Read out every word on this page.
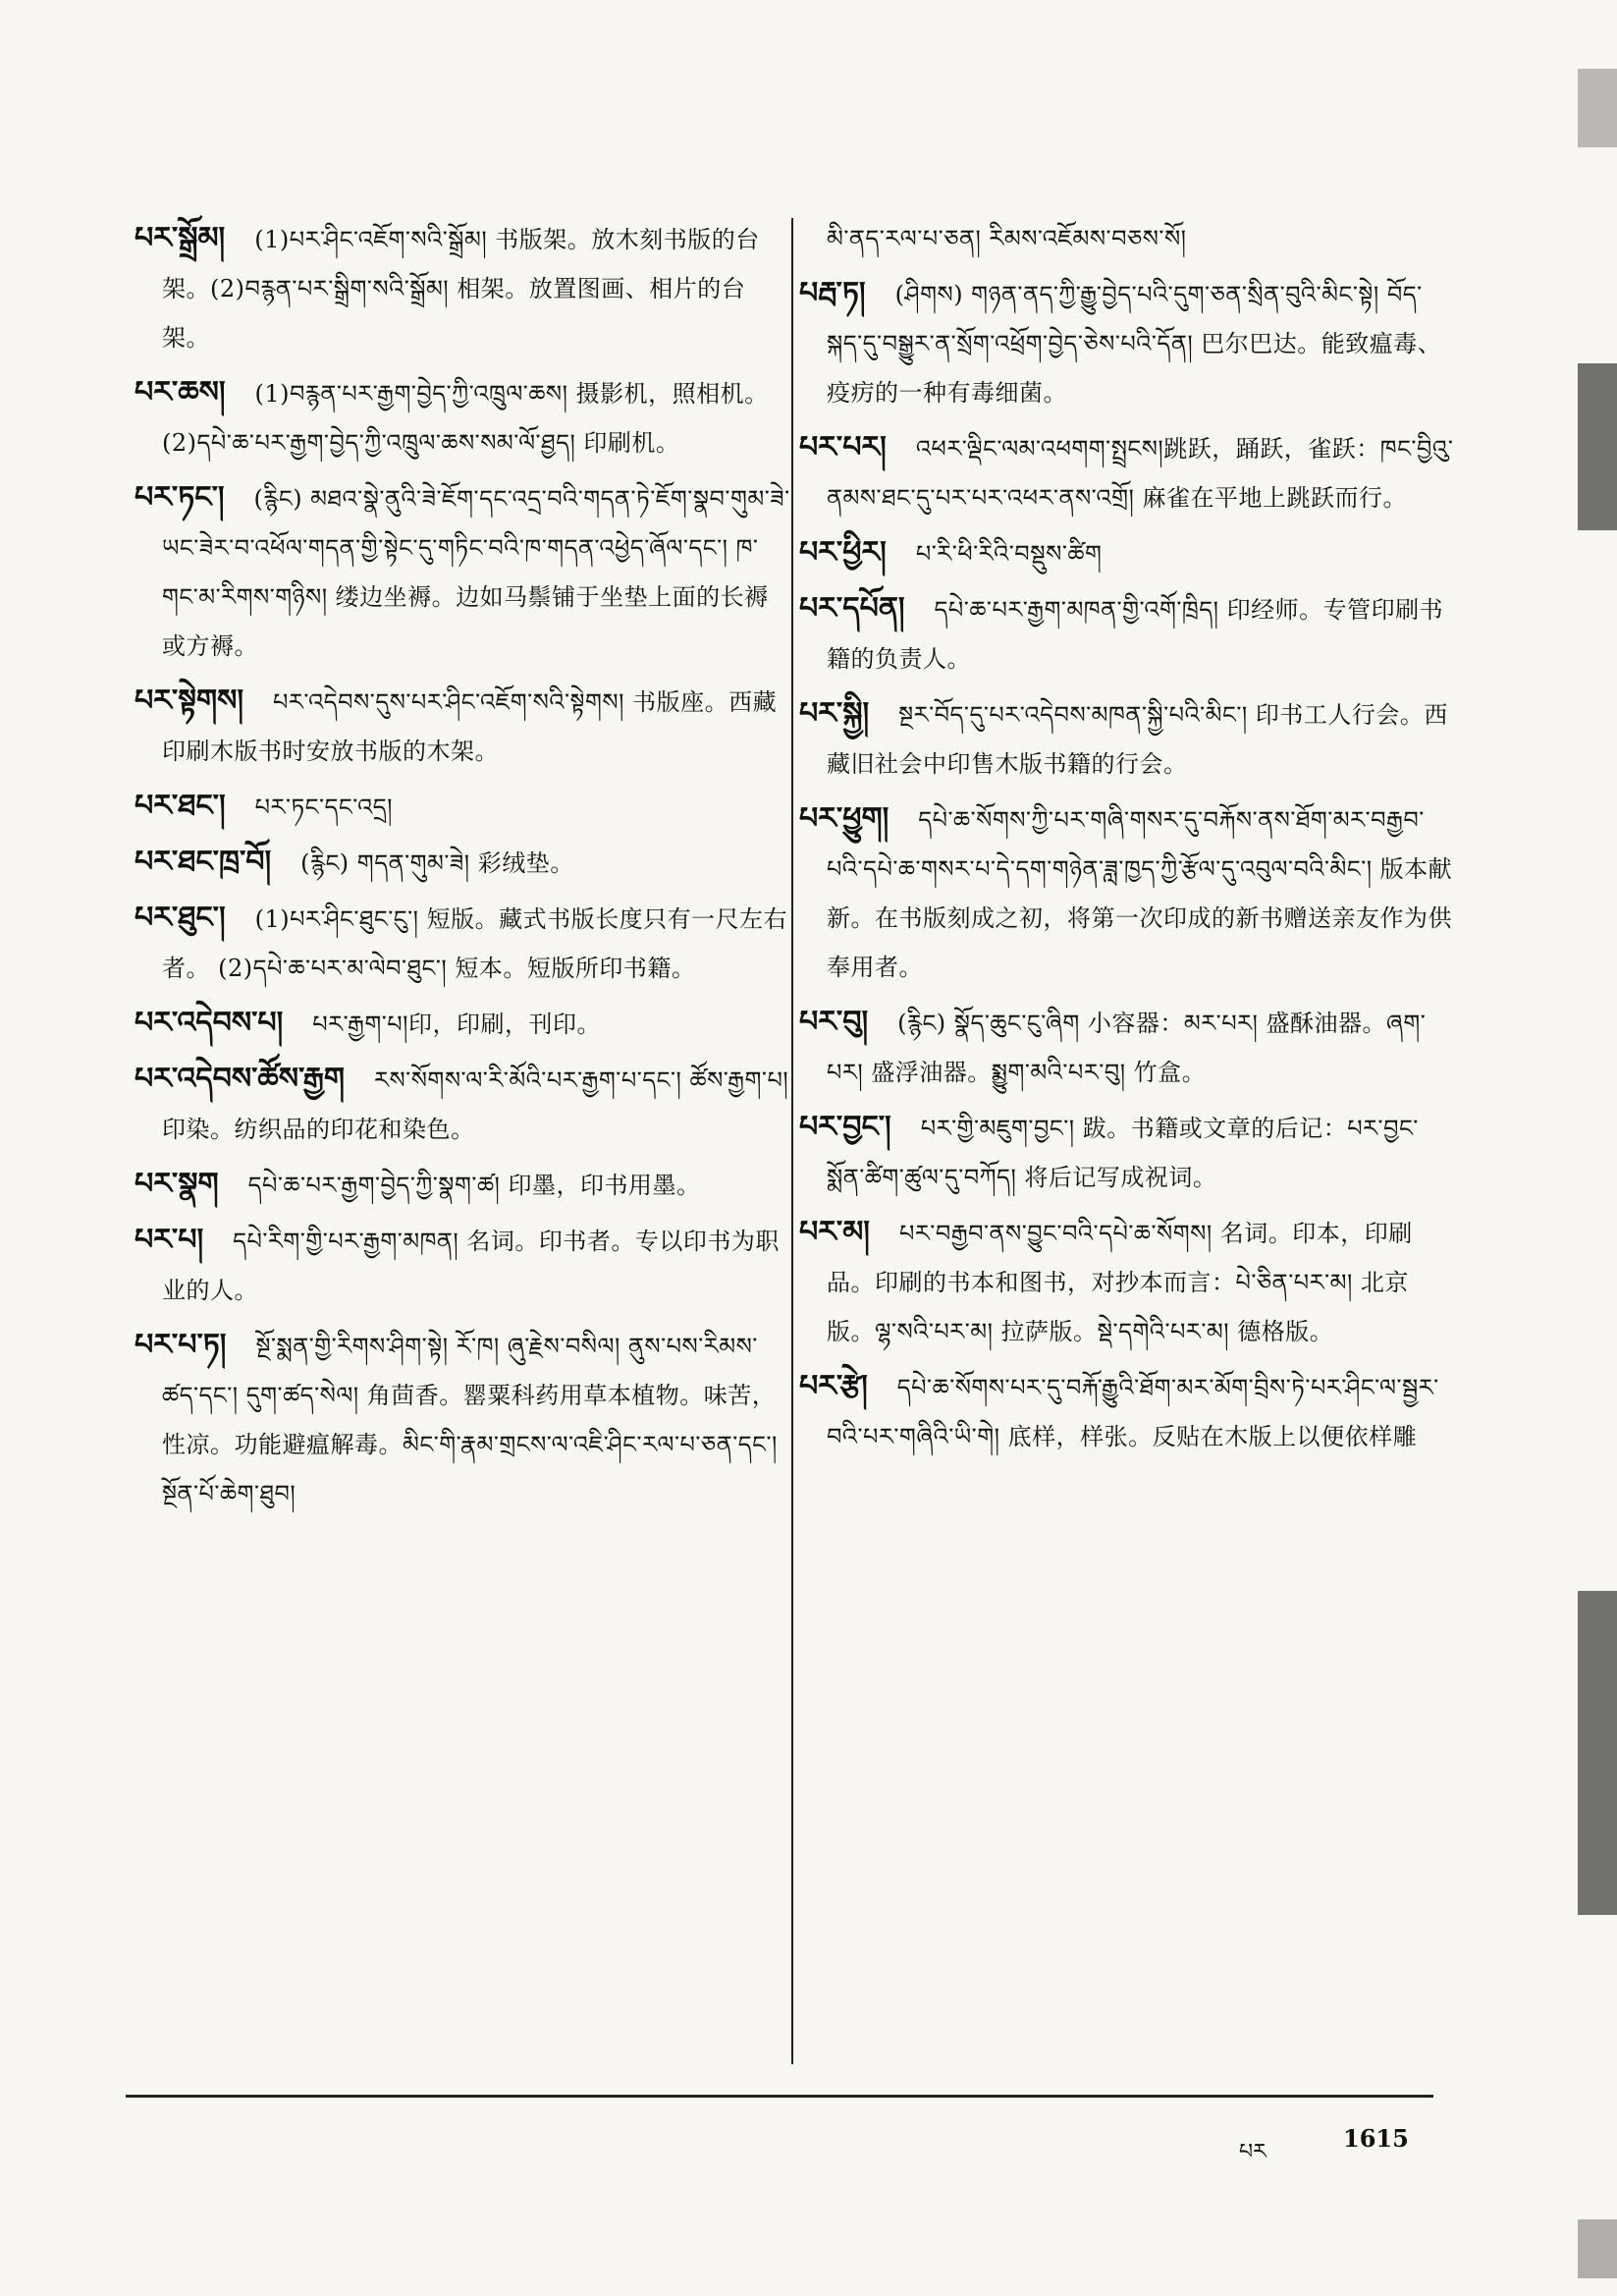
པར་སྒྲོམ། (1)པར་ཤིང་འཇོག་སའི་སྒྲོམ། 书版架。放木刻书版的台架。(2)བརྙན་པར་སྒྲིག་སའི་སྒྲོམ། 相架。放置图画、相片的台架。
པར་ཆས། (1)བརྙན་པར་རྒྱག་བྱེད་ཀྱི་འཁྲུལ་ཆས། 摄影机，照相机。 (2)དཔེ་ཆ་པར་རྒྱག་བྱེད་ཀྱི་འཁྲུལ་ཆས་སམ་ལོ་ཐྱད། 印刷机。
པར་ཏང་། (རྙིང) མཐའ་སྣེ་ནུའི་ཟེ་ཇོག་དང་འདྲ་བའི་གདན་ཏེ་ཇོག་སྣབ་གུམ་ཟེ་ཡང་ཟེར་བ་འཕོལ་གདན་གྱི་སྟེང་དུ་གཏིང་བའི་ཁ་གདན་འཕྱེད་ཞོལ་དང་། ཁ་གང་མ་རིགས་གཉིས། 缕边坐褥。边如马鬃铺于坐垫上面的长褥或方褥。
པར་སྟེགས། པར་འདེབས་དུས་པར་ཤིང་འཇོག་སའི་སྟེགས། 书版座。西藏印刷木版书时安放书版的木架。
པར་ཐང་། པར་ཏང་དང་འདྲ།
པར་ཐང་ཁྲ་བོ། (རྙིང) གདན་གུམ་ཟེ། 彩绒垫。
པར་ཐུང་། (1)པར་ཤིང་ཐུང་ངུ་། 短版。藏式书版长度只有一尺左右者。 (2)དཔེ་ཆ་པར་མ་ལེབ་ཐུང་། 短本。短版所印书籍。
པར་འདེབས་པ། པར་རྒྱག་པ།印，印刷，刊印。
པར་འདེབས་ཚོས་རྒྱག རས་སོགས་ལ་རི་མོའི་པར་རྒྱག་པ་དང་། ཚོས་རྒྱག་པ། 印染。纺织品的印花和染色。
པར་སྣག དཔེ་ཆ་པར་རྒྱག་བྱེད་ཀྱི་སྣག་ཚ། 印墨，印书用墨。
པར་པ། དཔེ་རིག་གྱི་པར་རྒྱག་མཁན། 名词。印书者。专以印书为职业的人。
པར་པ་ཏ། སྔོ་སྨན་གྱི་རིགས་ཤིག་སྟེ། རོ་ཁ། ཞུ་རྗེས་བསིལ། ནུས་པས་རིམས་ཚད་དང་། དུག་ཚད་སེལ། 角茴香。罂粟科药用草本植物。味苦，性凉。功能避瘟解毒。མིང་གི་རྣམ་གྲངས་ལ་འཇི་ཤིང་རལ་པ་ཅན་དང་། སྔོན་པོ་ཆེག་ཐུབ།
མི་ནད་རལ་པ་ཅན། རིམས་འཇོམས་བཅས་སོ།
པརྦ་ཏ། (ཤིགས) གཉན་ནད་ཀྱི་རྒྱུ་བྱེད་པའི་དུག་ཅན་སྲིན་བུའི་མིང་སྟེ། བོད་སྐད་དུ་བསྒྱུར་ན་སྲོག་འཕྲོག་བྱེད་ཅེས་པའི་དོན། 巴尔巴达。能致瘟毒、疫疠的一种有毒细菌。
པར་པར། འཕར་ལྡིང་ལམ་འཕགག་སྤྲངས།跳跃，踊跃，雀跃：ཁང་བྱིའུ་ནམས་ཐང་དུ་པར་པར་འཕར་ནས་འགྲོ། 麻雀在平地上跳跃而行。
པར་ཕྱིར། པ་རི་ཕི་རིའི་བསྡུས་ཚིག
པར་དཔོན། དཔེ་ཆ་པར་རྒྱག་མཁན་གྱི་འགོ་ཁྲིད། 印经师。专管印刷书籍的负责人。
པར་སྐྱི། སྔར་བོད་དུ་པར་འདེབས་མཁན་སྐྱི་པའི་མིང་། 印书工人行会。西藏旧社会中印售木版书籍的行会。
པར་ཕྱུག། དཔེ་ཆ་སོགས་ཀྱི་པར་གཞི་གསར་དུ་བརྐོས་ནས་ཐོག་མར་བརྒྱབ་པའི་དཔེ་ཆ་གསར་པ་དེ་དག་གཉེན་ཟླ་ཁྱད་ཀྱི་རྩོལ་དུ་འབུལ་བའི་མིང་། 版本献新。在书版刻成之初，将第一次印成的新书赠送亲友作为供奉用者。
པར་བུ། (རྙིང) སྣོད་ཆུང་ངུ་ཞིག 小容器：མར་པར། 盛酥油器。ཞག་པར། 盛浮油器。སྨྱུག་མའི་པར་བུ། 竹盒。
པར་བྱང་། པར་གྱི་མཇུག་བྱང་། 跋。书籍或文章的后记：པར་བྱང་སྨོན་ཚིག་ཚུལ་དུ་བཀོད། 将后记写成祝词。
པར་མ། པར་བརྒྱབ་ནས་བྱུང་བའི་དཔེ་ཆ་སོགས། 名词。印本，印刷品。印刷的书本和图书，对抄本而言：པེ་ཅིན་པར་མ། 北京版。ལྷ་སའི་པར་མ། 拉萨版。སྡེ་དགེའི་པར་མ། 德格版。
པར་རྩེ། དཔེ་ཆ་སོགས་པར་དུ་བརྐོ་རྒྱུའི་ཐོག་མར་མོག་བྲིས་ཏེ་པར་ཤིང་ལ་སྦྱར་བའི་པར་གཞིའི་ཡི་གེ། 底样，样张。反贴在木版上以便依样雕
པར	1615
